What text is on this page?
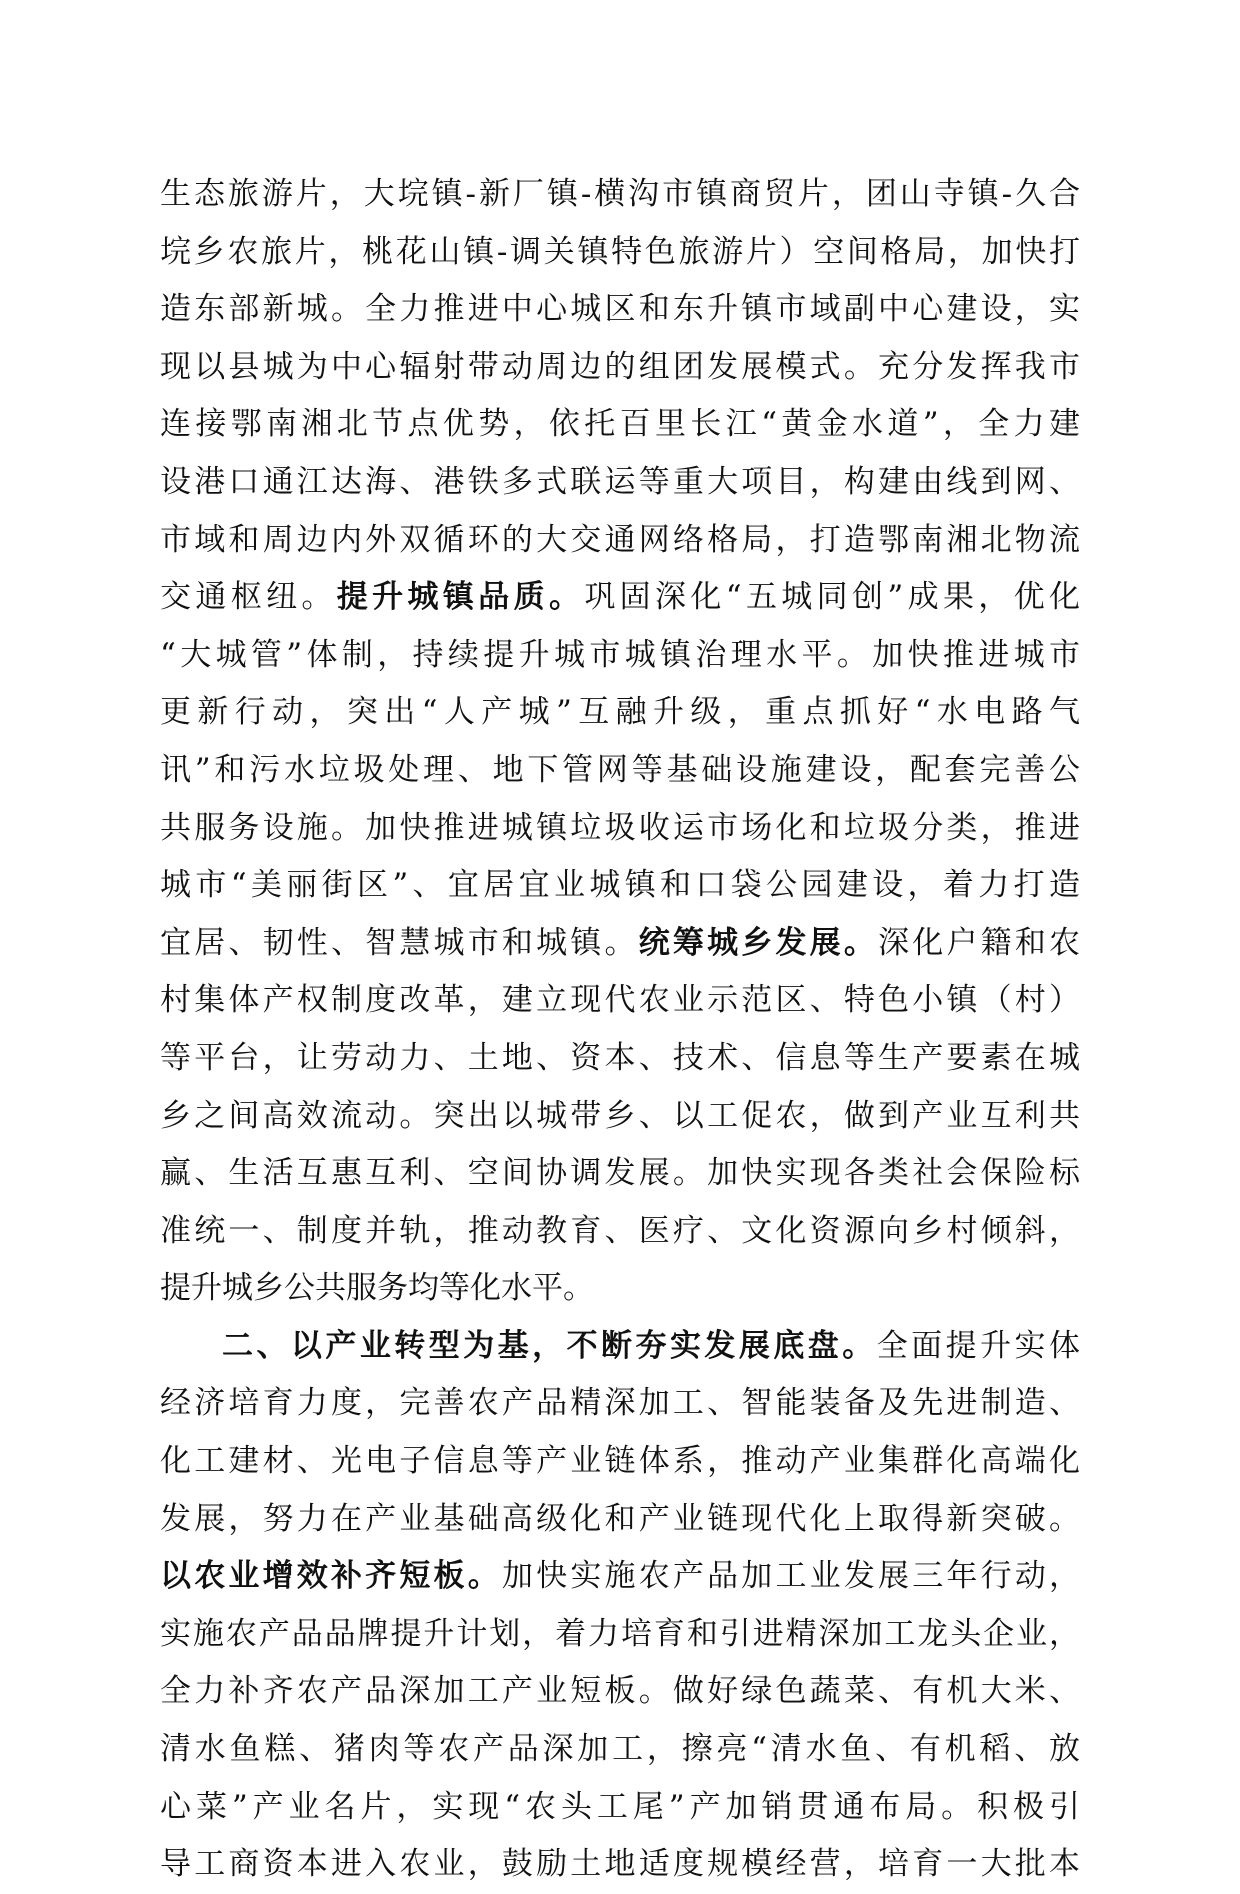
生态旅游片，大垸镇-新厂镇-横沟市镇商贸片，团山寺镇-久合
垸乡农旅片，桃花山镇-调关镇特色旅游片）空间格局，加快打
造东部新城。全力推进中心城区和东升镇市域副中心建设，实
现以县城为中心辐射带动周边的组团发展模式。充分发挥我市
连接鄂南湘北节点优势，依托百里长江“黄金水道”，全力建
设港口通江达海、港铁多式联运等重大项目，构建由线到网、
市域和周边内外双循环的大交通网络格局，打造鄂南湘北物流
交通枢纽。提升城镇品质。巩固深化“五城同创”成果，优化
“大城管”体制，持续提升城市城镇治理水平。加快推进城市
更新行动，突出“人产城”互融升级，重点抓好“水电路气
讯”和污水垃圾处理、地下管网等基础设施建设，配套完善公
共服务设施。加快推进城镇垃圾收运市场化和垃圾分类，推进
城市“美丽街区”、宜居宜业城镇和口袋公园建设，着力打造
宜居、韧性、智慧城市和城镇。统筹城乡发展。深化户籍和农
村集体产权制度改革，建立现代农业示范区、特色小镇（村）
等平台，让劳动力、土地、资本、技术、信息等生产要素在城
乡之间高效流动。突出以城带乡、以工促农，做到产业互利共
赢、生活互惠互利、空间协调发展。加快实现各类社会保险标
准统一、制度并轨，推动教育、医疗、文化资源向乡村倾斜，
提升城乡公共服务均等化水平。
二、以产业转型为基，不断夯实发展底盘。全面提升实体
经济培育力度，完善农产品精深加工、智能装备及先进制造、
化工建材、光电子信息等产业链体系，推动产业集群化高端化
发展，努力在产业基础高级化和产业链现代化上取得新突破。
以农业增效补齐短板。加快实施农产品加工业发展三年行动，
实施农产品品牌提升计划，着力培育和引进精深加工龙头企业，
全力补齐农产品深加工产业短板。做好绿色蔬菜、有机大米、
清水鱼糕、猪肉等农产品深加工，擦亮“清水鱼、有机稻、放
心菜”产业名片，实现“农头工尾”产加销贯通布局。积极引
导工商资本进入农业，鼓励土地适度规模经营，培育一大批本
